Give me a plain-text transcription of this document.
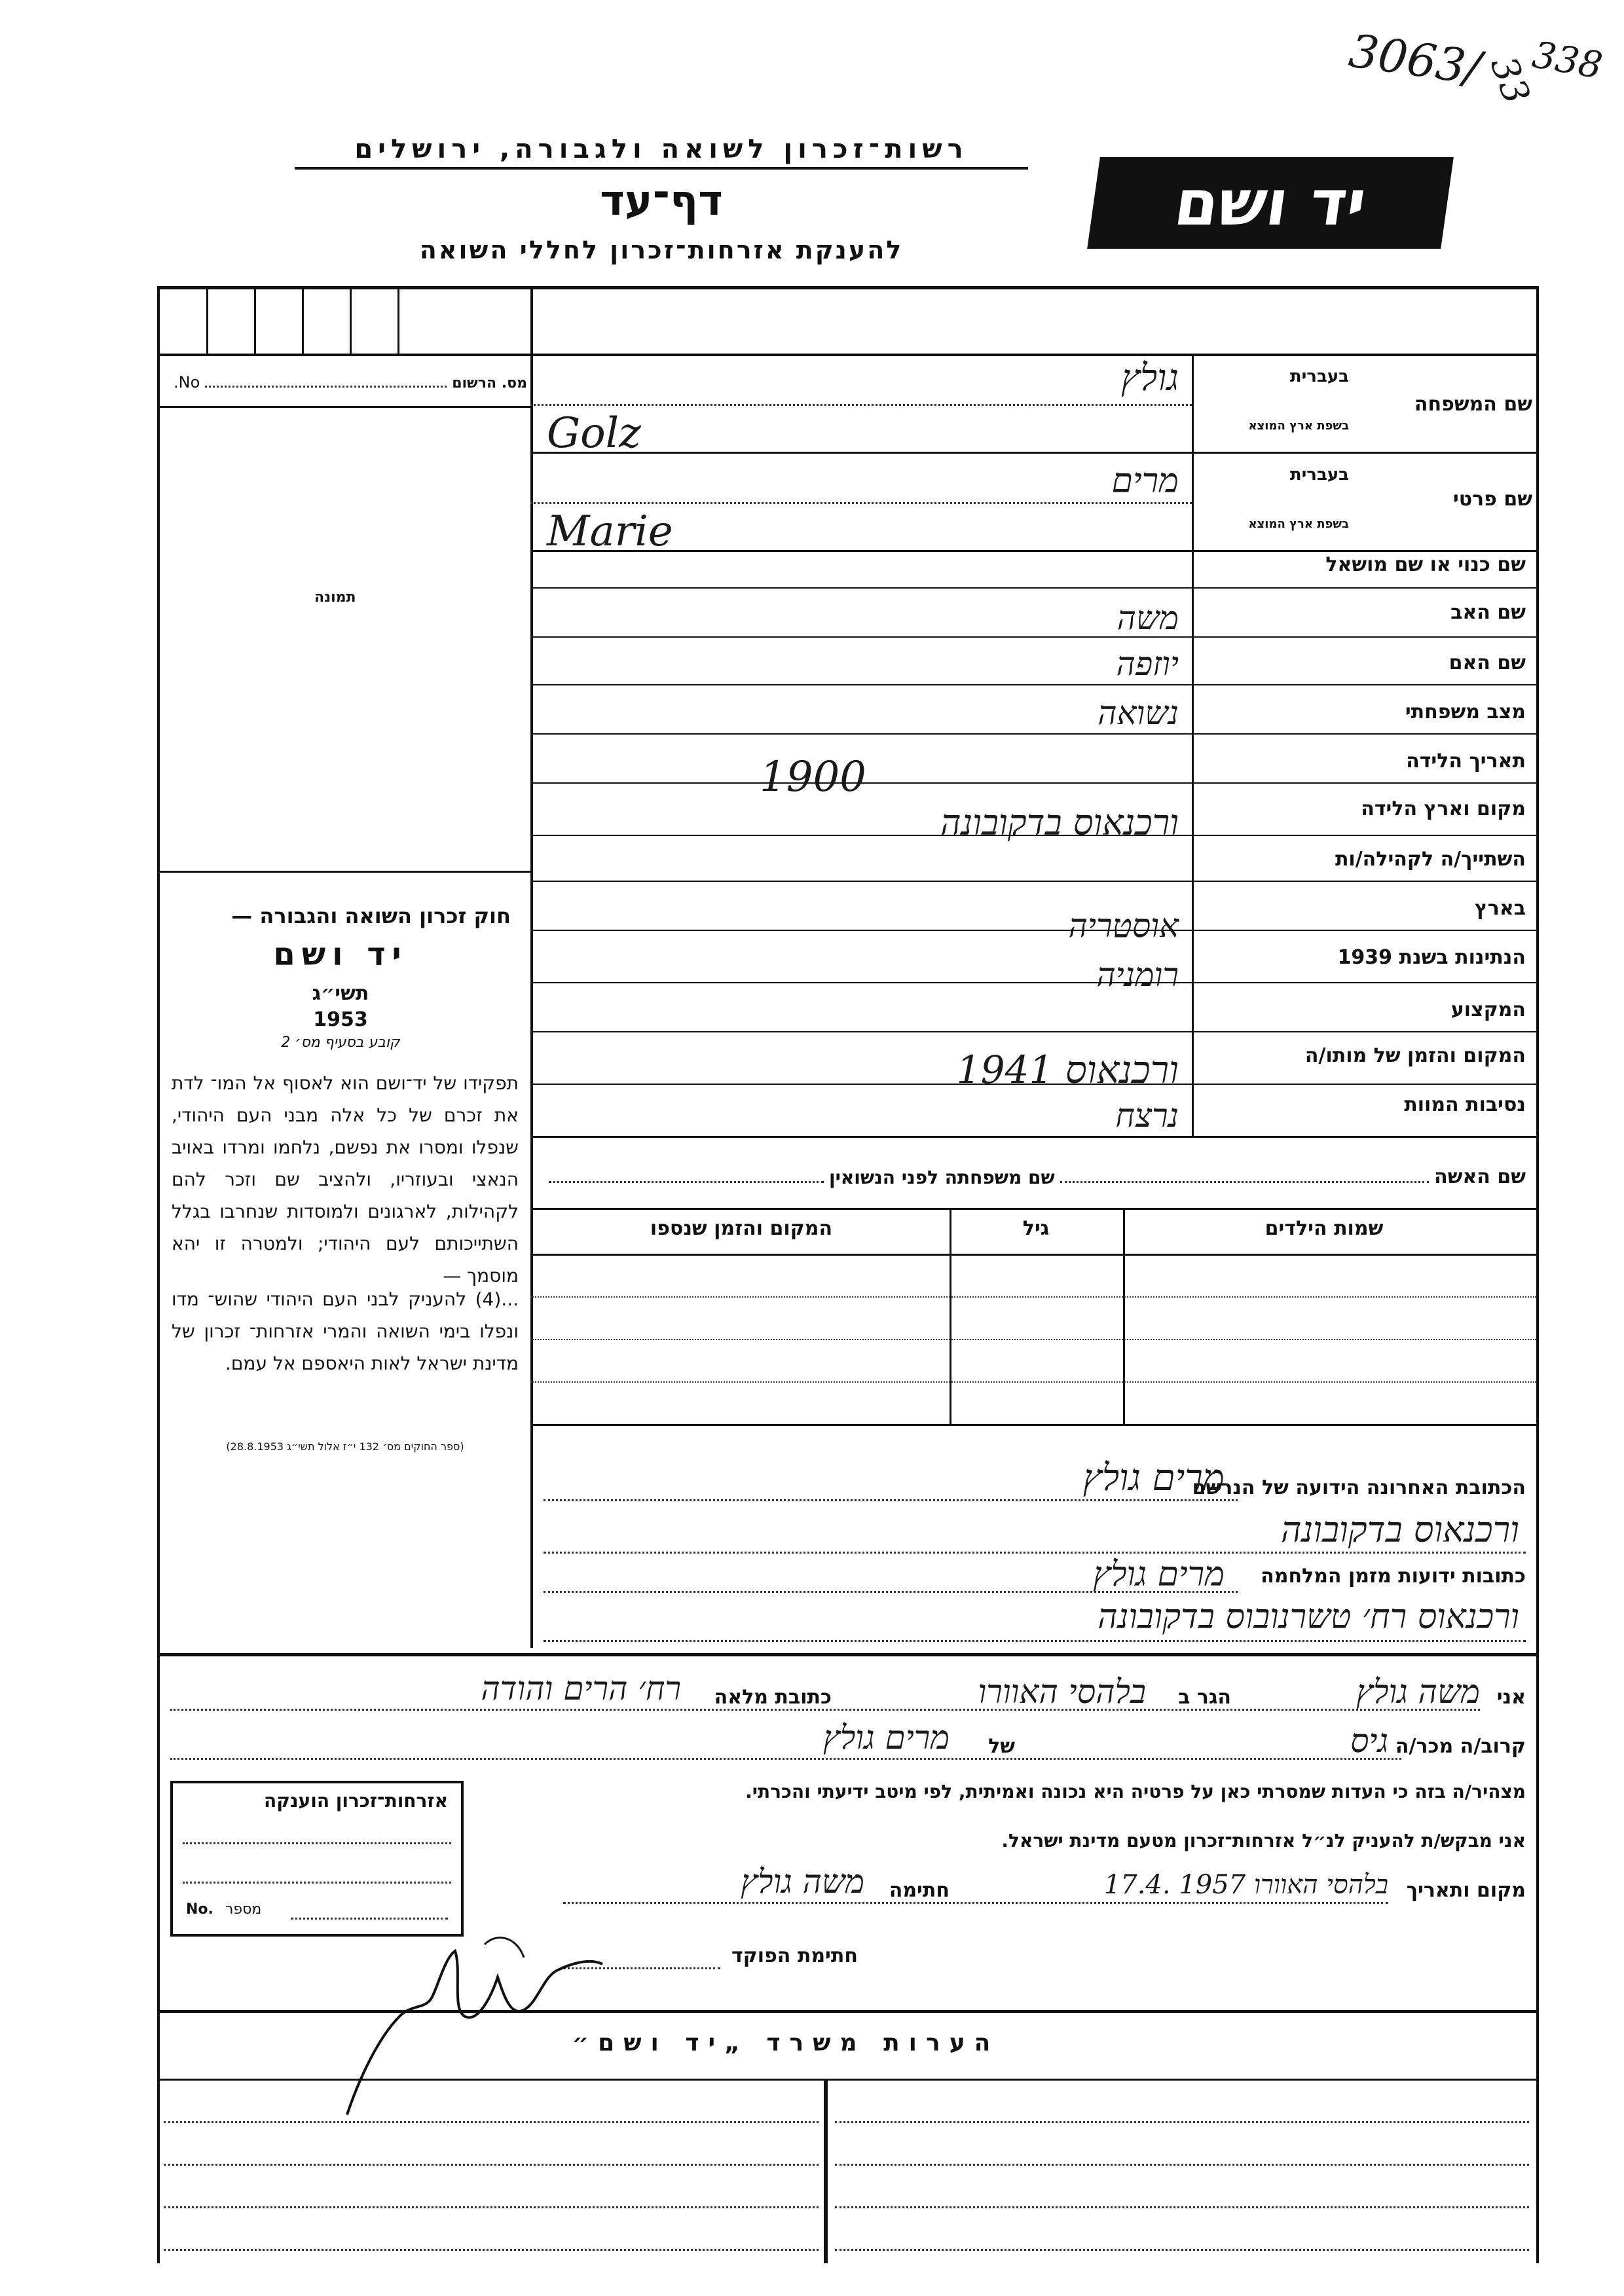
3063/
33
338
רשות־זכרון לשואה ולגבורה, ירושלים
דף־עד
להענקת אזרחות־זכרון לחללי השואה
יד ושם
No.	מס. הרשום
תמונה
חוק זכרון השואה והגבורה —
יד ושם
תשי״ג
1953
קובע בסעיף מס׳ 2
תפקידו של יד־ושם הוא לאסוף אל המו־ לדת את זכרם של כל אלה מבני העם היהודי, שנפלו ומסרו את נפשם, נלחמו ומרדו באויב הנאצי ובעוזריו, ולהציב שם וזכר להם לקהילות, לארגונים ולמוסדות שנחרבו בגלל השתייכותם לעם היהודי; ולמטרה זו יהא מוסמך —
...(4) להעניק לבני העם היהודי שהוש־ מדו ונפלו בימי השואה והמרי אזרחות־ זכרון של מדינת ישראל לאות היאספם אל עמם.
(ספר החוקים מס׳ 132 י״ז אלול תשי״ג 28.8.1953)
שם המשפחה
בעברית
בשפת ארץ המוצא
גולץ
Golz
שם פרטי
בעברית
בשפת ארץ המוצא
מרים
Marie
שם כנוי או שם מושאל
שם האב
משה
שם האם
יוזפה
מצב משפחתי
נשואה
תאריך הלידה
1900
מקום וארץ הלידה
ורכנאוס בדקובונה
השתייך/ה לקהילה/ות
בארץ
אוסטריה
הנתינות בשנת 1939
רומניה
המקצוע
המקום והזמן של מותו/ה
ורכנאוס 1941
נסיבות המוות
נרצח
שם האשה
שם משפחתה לפני הנשואין
שמות הילדים
גיל
המקום והזמן שנספו
הכתובת האחרונה הידועה של הנרשם
מרים גולץ
ורכנאוס בדקובונה
כתובות ידועות מזמן המלחמה
מרים גולץ
ורכנאוס רח׳ טשרנובוס בדקובונה
אני
משה גולץ
הגר ב
בלהסי האוורו
כתובת מלאה
רח׳ הרים והודה
קרוב/ה מכר/ה
גיס
של
מרים גולץ
מצהיר/ה בזה כי העדות שמסרתי כאן על פרטיה היא נכונה ואמיתית, לפי מיטב ידיעתי והכרתי.
אני מבקש/ת להעניק לנ״ל אזרחות־זכרון מטעם מדינת ישראל.
מקום ותאריך
בלהסי האוורו 1957 .17.4
חתימה
משה גולץ
חתימת הפוקד
אזרחות־זכרון הוענקה
No. מספר
הערות משרד „יד ושם״
